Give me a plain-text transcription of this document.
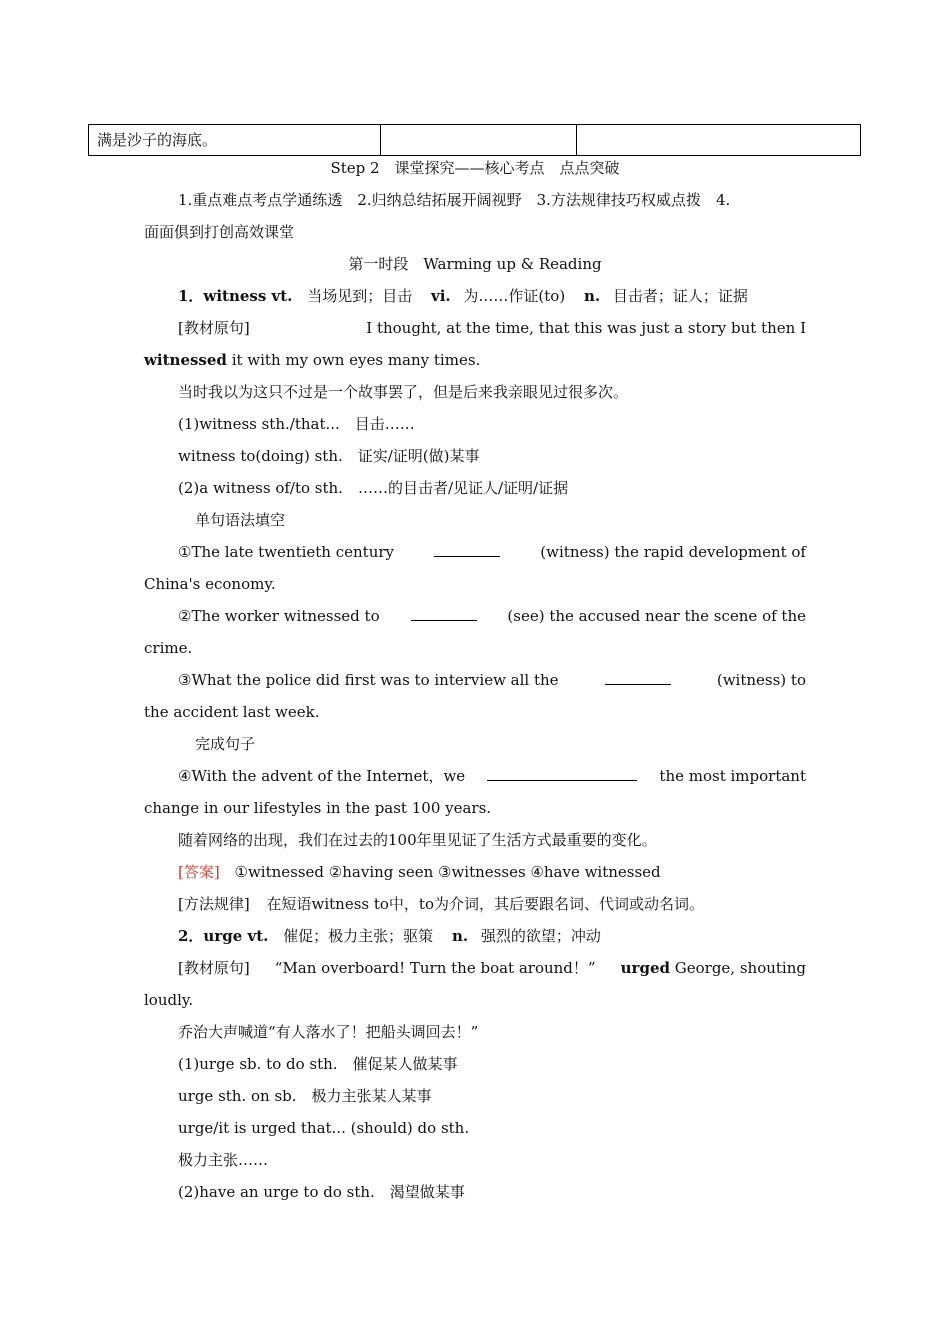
满是沙子的海底。
Step 2　课堂探究——核心考点　点点突破
1.重点难点考点学通练透　2.归纳总结拓展开阔视野　3.方法规律技巧权威点拨　4.
面面俱到打创高效课堂
第一时段　Warming up & Reading
1．witness vt. 当场见到；目击 vi. 为……作证(to) n. 目击者；证人；证据
[教材原句]	I thought, at the time, that this was just a story but then I
witnessed it with my own eyes many times.
当时我以为这只不过是一个故事罢了，但是后来我亲眼见过很多次。
(1)witness sth./that...　目击……
witness to(doing) sth.　证实/证明(做)某事
(2)a witness of/to sth.　……的目击者/见证人/证明/证据
单句语法填空
①The late twentieth century	(witness) the rapid development of
China's economy.
②The worker witnessed to	(see) the accused near the scene of the
crime.
③What the police did first was to interview all the	(witness) to
the accident last week.
完成句子
④With the advent of the Internet，we	the most important
change in our lifestyles in the past 100 years.
随着网络的出现，我们在过去的100年里见证了生活方式最重要的变化。
[答案] ①witnessed ②having seen ③witnesses ④have witnessed
[方法规律] 在短语witness to中，to为介词，其后要跟名词、代词或动名词。
2．urge vt. 催促；极力主张；驱策 n. 强烈的欲望；冲动
[教材原句] “Man overboard! Turn the boat around！” urged George, shouting
loudly.
乔治大声喊道“有人落水了！把船头调回去！”
(1)urge sb. to do sth.　催促某人做某事
urge sth. on sb.　极力主张某人某事
urge/it is urged that... (should) do sth.
极力主张……
(2)have an urge to do sth.　渴望做某事
